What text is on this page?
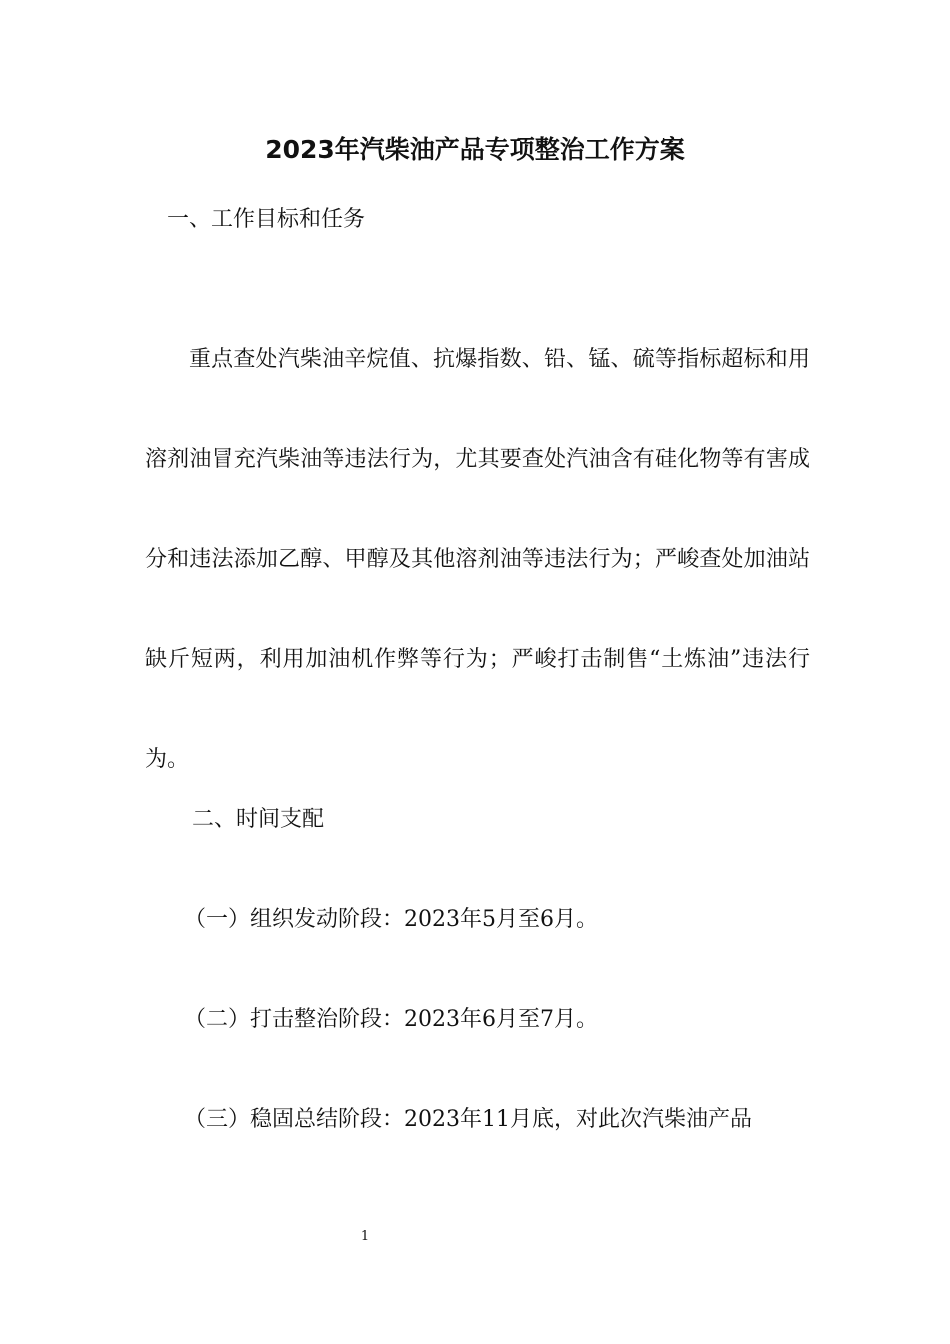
2023年汽柴油产品专项整治工作方案

一、工作目标和任务

重点查处汽柴油辛烷值、抗爆指数、铅、锰、硫等指标超标和用溶剂油冒充汽柴油等违法行为，尤其要查处汽油含有硅化物等有害成分和违法添加乙醇、甲醇及其他溶剂油等违法行为；严峻查处加油站缺斤短两，利用加油机作弊等行为；严峻打击制售“土炼油”违法行为。

二、时间支配

（一）组织发动阶段：2023年5月至6月。

（二）打击整治阶段：2023年6月至7月。

（三）稳固总结阶段：2023年11月底，对此次汽柴油产品

1
